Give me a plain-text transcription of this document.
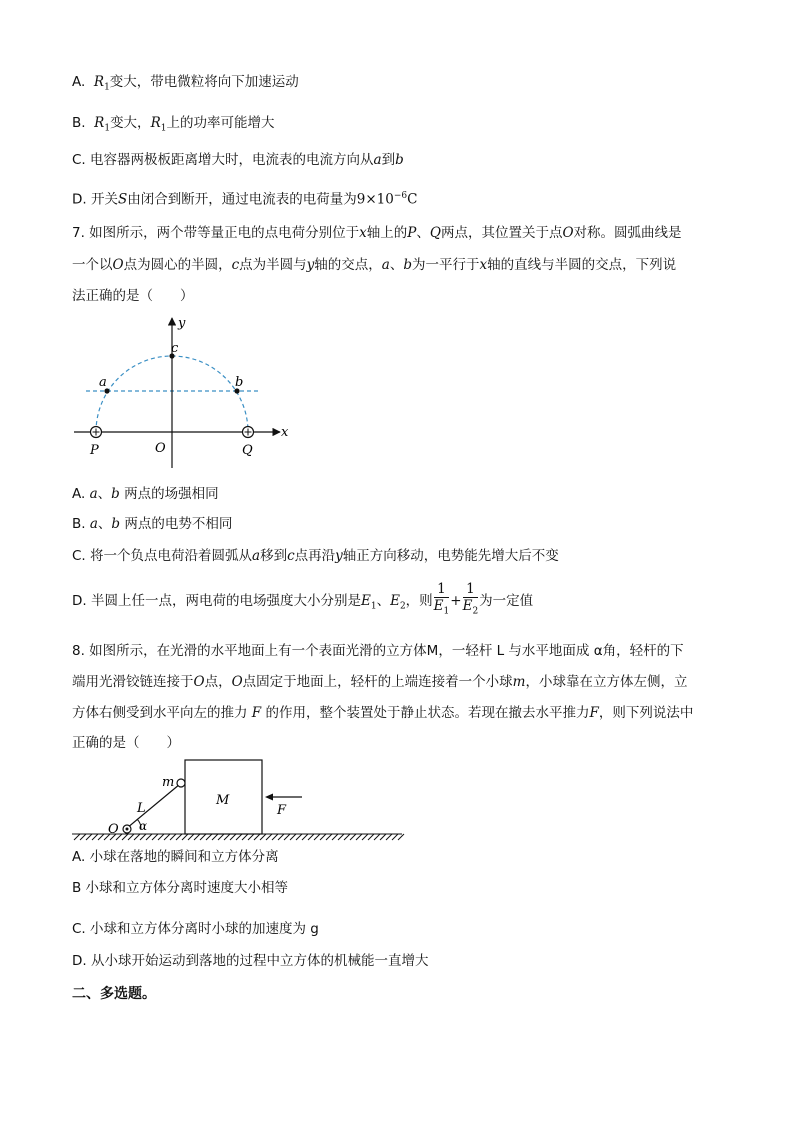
A. $R_1$变大，带电微粒将向下加速运动
B. $R_1$变大，$R_1$上的功率可能增大
C. 电容器两极板距离增大时，电流表的电流方向从a到b
D. 开关S由闭合到断开，通过电流表的电荷量为$9\times 10^{-6}C$
7. 如图所示，两个带等量正电的点电荷分别位于x轴上的P、Q两点，其位置关于点O对称。圆弧曲线是
一个以O点为圆心的半圆，c点为半圆与y轴的交点，a、b为一平行于x轴的直线与半圆的交点，下列说
法正确的是（　　）
y
c
a	b
x
P	O	Q
A. a、b 两点的场强相同
B. a、b 两点的电势不相同
C. 将一个负点电荷沿着圆弧从a移到c点再沿y轴正方向移动，电势能先增大后不变
D. 半圆上任一点，两电荷的电场强度大小分别是$E_1$、$E_2$，则 $\frac{1}{E_1} + \frac{1}{E_2}$ 为一定值
8. 如图所示，在光滑的水平地面上有一个表面光滑的立方体M，一轻杆 L 与水平地面成 α角，轻杆的下
端用光滑铰链连接于O点，O点固定于地面上，轻杆的上端连接着一个小球m，小球靠在立方体左侧，立
方体右侧受到水平向左的推力 F 的作用，整个装置处于静止状态。若现在撤去水平推力F，则下列说法中
正确的是（　　）
m
M
L	F
O α
A. 小球在落地的瞬间和立方体分离
B 小球和立方体分离时速度大小相等
C. 小球和立方体分离时小球的加速度为 g
D. 从小球开始运动到落地的过程中立方体的机械能一直增大
二、多选题。
